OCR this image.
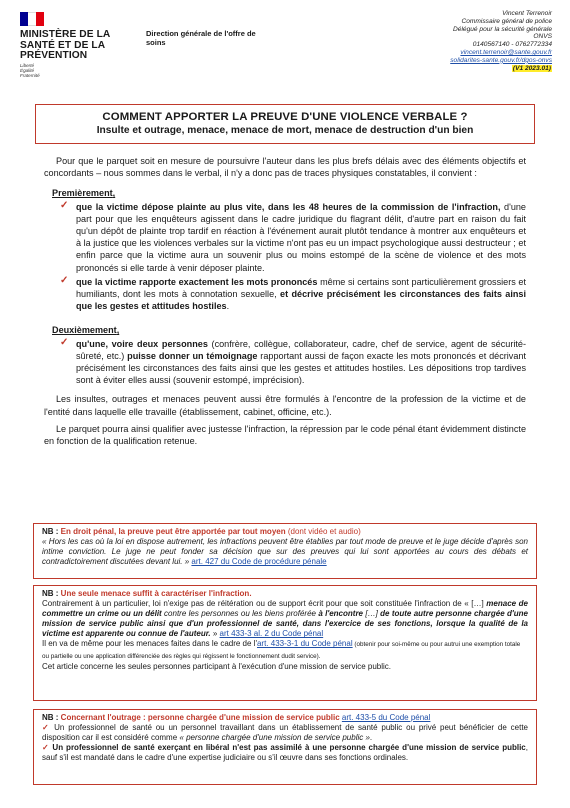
MINISTÈRE DE LA SANTÉ ET DE LA PRÉVENTION
Liberté
Égalité
Fraternité
Direction générale de l'offre de soins
Vincent Terrenoir
Commissaire général de police
Délégué pour la sécurité générale
ONVS
0140567140 - 0762772334
vincent.terrenoir@sante.gouv.fr
solidarites-sante.gouv.fr/dgos-onvs
(V1 2023.01)
COMMENT APPORTER LA PREUVE D'UNE VIOLENCE VERBALE ?
Insulte et outrage, menace, menace de mort, menace de destruction d'un bien

Pour que le parquet soit en mesure de poursuivre l'auteur dans les plus brefs délais avec des éléments objectifs et concordants – nous sommes dans le verbal, il n'y a donc pas de traces physiques constatables, il convient :

Premièrement,
✓ que la victime dépose plainte au plus vite, dans les 48 heures de la commission de l'infraction, d'une part pour que les enquêteurs agissent dans le cadre juridique du flagrant délit, d'autre part en raison du fait qu'un dépôt de plainte trop tardif en réaction à l'événement aurait plutôt tendance à montrer aux enquêteurs et à la justice que les violences verbales sur la victime n'ont pas eu un impact psychologique aussi destructeur ; et enfin parce que la victime aura un souvenir plus ou moins estompé de la scène de violence et des mots prononcés si elle tarde à venir déposer plainte.
✓ que la victime rapporte exactement les mots prononcés même si certains sont particulièrement grossiers et humiliants, dont les mots à connotation sexuelle, et décrive précisément les circonstances des faits ainsi que les gestes et attitudes hostiles.
Deuxièmement,
✓ qu'une, voire deux personnes (confrère, collègue, collaborateur, cadre, chef de service, agent de sécurité-sûreté, etc.) puisse donner un témoignage rapportant aussi de façon exacte les mots prononcés et décrivant précisément les circonstances des faits ainsi que les gestes et attitudes hostiles. Les dépositions trop tardives sont à éviter elles aussi (souvenir estompé, imprécision).

Les insultes, outrages et menaces peuvent aussi être formulés à l'encontre de la profession de la victime et de l'entité dans laquelle elle travaille (établissement, cabinet, officine, etc.).

Le parquet pourra ainsi qualifier avec justesse l'infraction, la répression par le code pénal étant évidemment distincte en fonction de la qualification retenue.

NB : En droit pénal, la preuve peut être apportée par tout moyen (dont vidéo et audio)
« Hors les cas où la loi en dispose autrement, les infractions peuvent être établies par tout mode de preuve et le juge décide d'après son intime conviction. Le juge ne peut fonder sa décision que sur des preuves qui lui sont apportées au cours des débats et contradictoirement discutées devant lui. » art. 427 du Code de procédure pénale
NB : Une seule menace suffit à caractériser l'infraction.
Contrairement à un particulier, loi n'exige pas de réitération ou de support écrit pour que soit constituée l'infraction de « […] menace de commettre un crime ou un délit contre les personnes ou les biens proférée à l'encontre […] de toute autre personne chargée d'une mission de service public ainsi que d'un professionnel de santé, dans l'exercice de ses fonctions, lorsque la qualité de la victime est apparente ou connue de l'auteur. » art 433-3 al. 2 du Code pénal
Il en va de même pour les menaces faites dans le cadre de l'art. 433-3-1 du Code pénal (obtenir pour soi-même ou pour autrui une exemption totale ou partielle ou une application différenciée des règles qui régissent le fonctionnement dudit service).
Cet article concerne les seules personnes participant à l'exécution d'une mission de service public.
NB : Concernant l'outrage : personne chargée d'une mission de service public art. 433-5 du Code pénal
✓ Un professionnel de santé ou un personnel travaillant dans un établissement de santé public ou privé peut bénéficier de cette disposition car il est considéré comme « personne chargée d'une mission de service public ».
✓ Un professionnel de santé exerçant en libéral n'est pas assimilé à une personne chargée d'une mission de service public, sauf s'il est mandaté dans le cadre d'une expertise judiciaire ou s'il œuvre dans ses fonctions ordinales.
